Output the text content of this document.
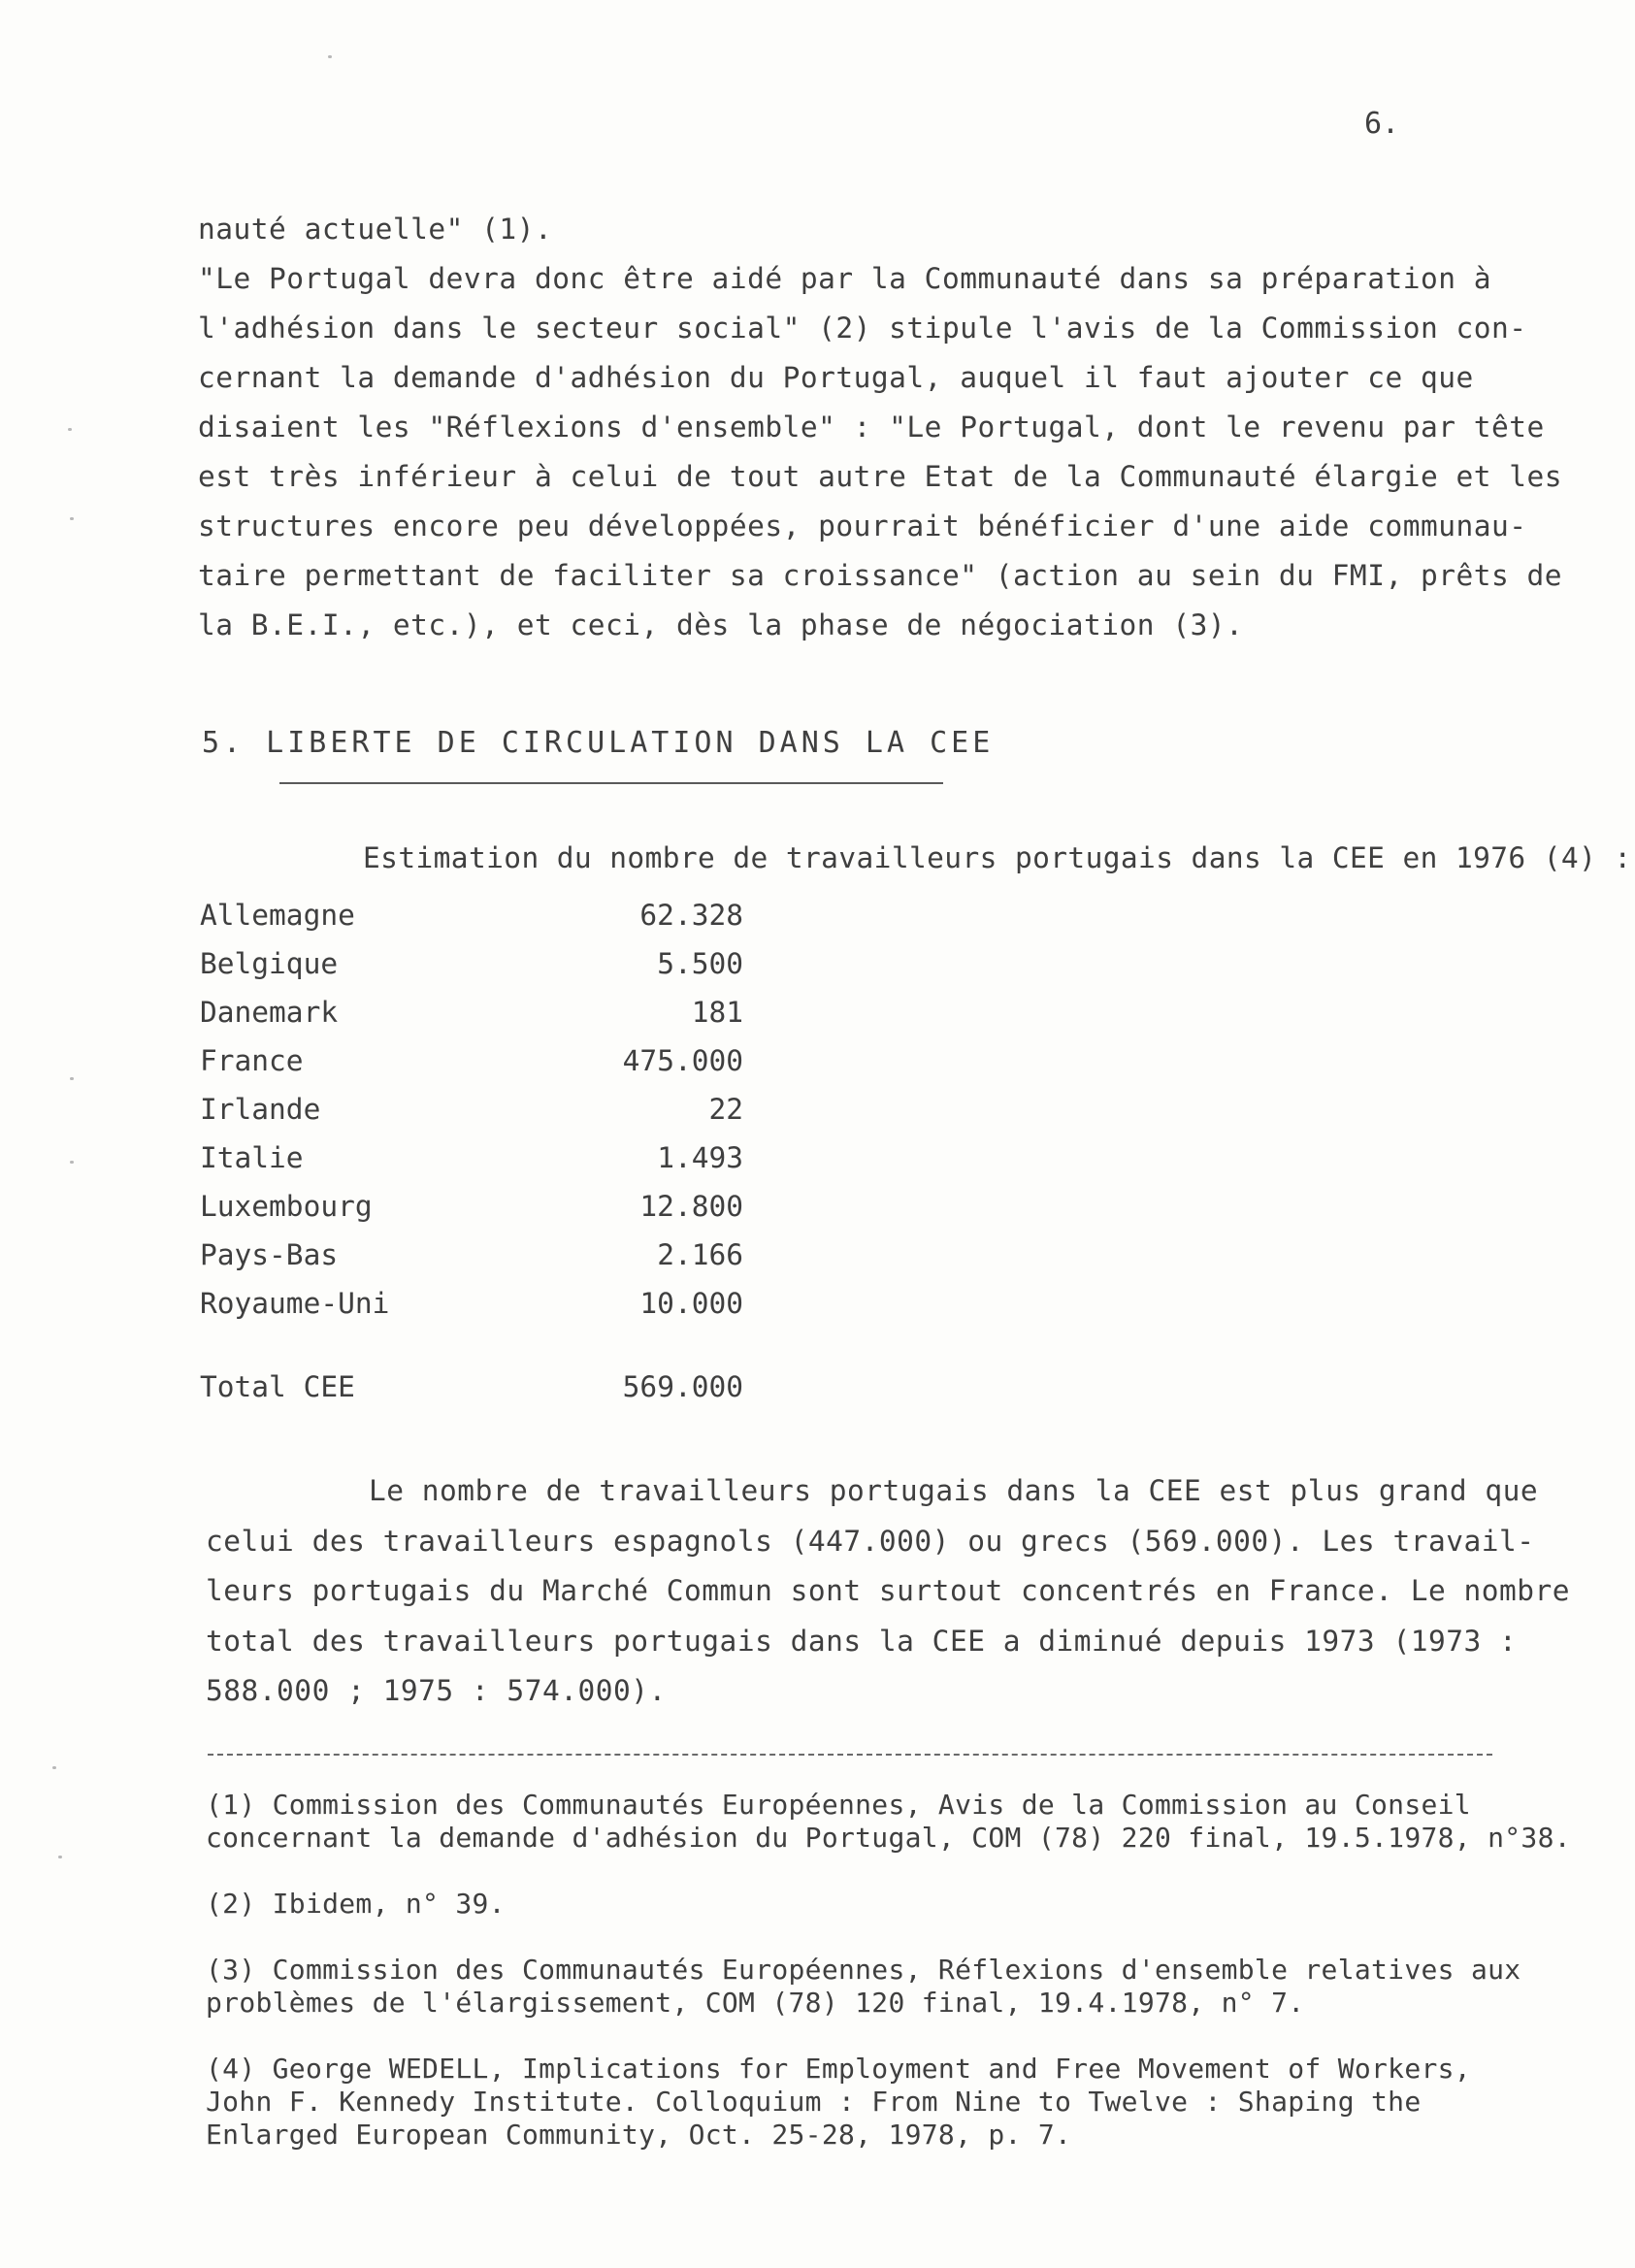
6.
nauté actuelle" (1).
"Le Portugal devra donc être aidé par la Communauté dans sa préparation à
l'adhésion dans le secteur social" (2) stipule l'avis de la Commission con-
cernant la demande d'adhésion du Portugal, auquel il faut ajouter ce que
disaient les "Réflexions d'ensemble" : "Le Portugal, dont le revenu par tête
est très inférieur à celui de tout autre Etat de la Communauté élargie et les
structures encore peu développées, pourrait bénéficier d'une aide communau-
taire permettant de faciliter sa croissance" (action au sein du FMI, prêts de
la B.E.I., etc.), et ceci, dès la phase de négociation (3).
5. LIBERTE DE CIRCULATION DANS LA CEE
Estimation du nombre de travailleurs portugais dans la CEE en 1976 (4) :
Allemagne	62.328
Belgique	5.500
Danemark	181
France	475.000
Irlande	22
Italie	1.493
Luxembourg	12.800
Pays-Bas	2.166
Royaume-Uni	10.000
Total CEE	569.000
Le nombre de travailleurs portugais dans la CEE est plus grand que
celui des travailleurs espagnols (447.000) ou grecs (569.000). Les travail-
leurs portugais du Marché Commun sont surtout concentrés en France. Le nombre
total des travailleurs portugais dans la CEE a diminué depuis 1973 (1973 :
588.000 ; 1975 : 574.000).
(1) Commission des Communautés Européennes, Avis de la Commission au Conseil
concernant la demande d'adhésion du Portugal, COM (78) 220 final, 19.5.1978, n°38.
(2) Ibidem, n° 39.
(3) Commission des Communautés Européennes, Réflexions d'ensemble relatives aux
problèmes de l'élargissement, COM (78) 120 final, 19.4.1978, n° 7.
(4) George WEDELL, Implications for Employment and Free Movement of Workers,
John F. Kennedy Institute. Colloquium : From Nine to Twelve : Shaping the
Enlarged European Community, Oct. 25-28, 1978, p. 7.
